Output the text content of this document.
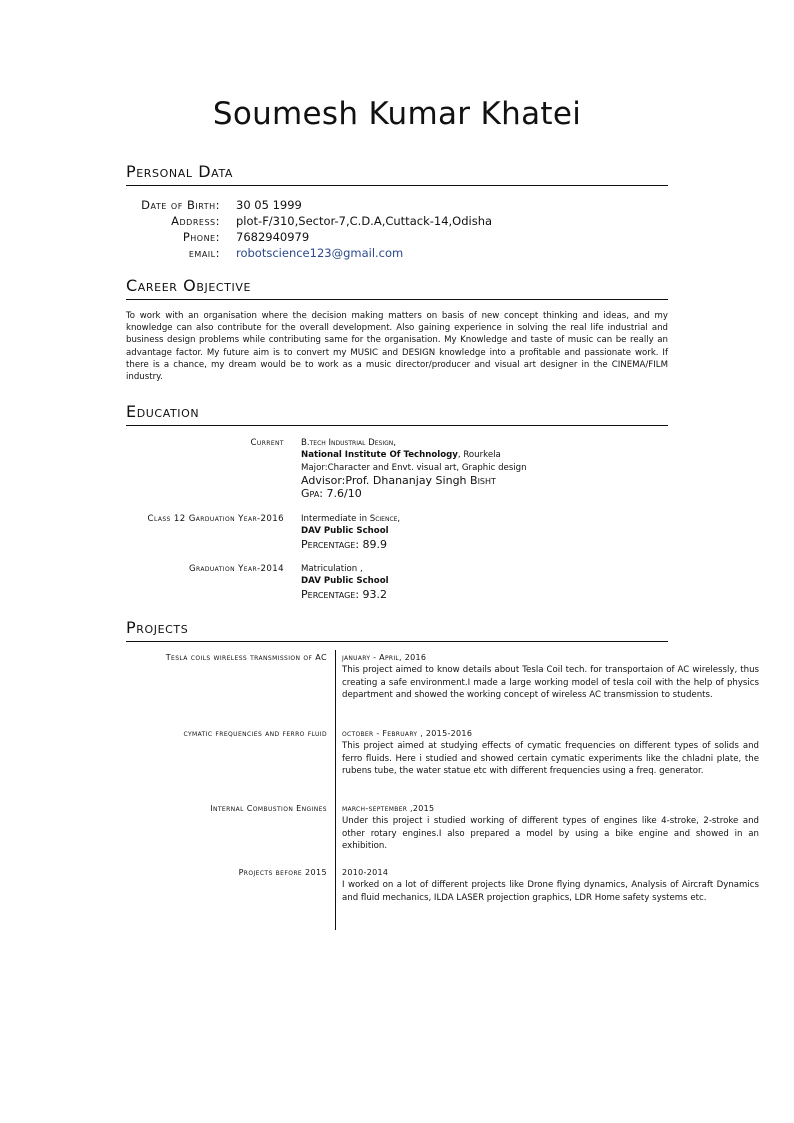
Soumesh Kumar Khatei
Personal Data
Date of Birth: 30 05 1999
Address: plot-F/310,Sector-7,C.D.A,Cuttack-14,Odisha
Phone: 7682940979
email: robotscience123@gmail.com
Career Objective
To work with an organisation where the decision making matters on basis of new concept thinking and ideas, and my knowledge can also contribute for the overall development. Also gaining experience in solving the real life industrial and business design problems while contributing same for the organisation. My Knowledge and taste of music can be really an advantage factor. My future aim is to convert my MUSIC and DESIGN knowledge into a profitable and passionate work. If there is a chance, my dream would be to work as a music director/producer and visual art designer in the CINEMA/FILM industry.
Education
Current B.tech Industrial Design,
National Institute Of Technology, Rourkela
Major:Character and Envt. visual art, Graphic design
Advisor:Prof. Dhananjay Singh Bisht
Gpa: 7.6/10
Class 12 Garduation Year-2016 Intermediate in Science,
DAV Public School
Percentage: 89.9
Graduation Year-2014 Matriculation ,
DAV Public School
Percentage: 93.2
Projects
Tesla coils wireless transmission of AC january - April, 2016
This project aimed to know details about Tesla Coil tech. for transportaion of AC wirelessly, thus creating a safe environment.I made a large working model of tesla coil with the help of physics department and showed the working concept of wireless AC transmission to students.
cymatic frequencies and ferro fluid october - February , 2015-2016
This project aimed at studying effects of cymatic frequencies on different types of solids and ferro fluids. Here i studied and showed certain cymatic experiments like the chladni plate, the rubens tube, the water statue etc with different frequencies using a freq. generator.
Internal Combustion Engines march-september ,2015
Under this project i studied working of different types of engines like 4-stroke, 2-stroke and other rotary engines.I also prepared a model by using a bike engine and showed in an exhibition.
Projects before 2015 2010-2014
I worked on a lot of different projects like Drone flying dynamics, Analysis of Aircraft Dynamics and fluid mechanics, ILDA LASER projection graphics, LDR Home safety systems etc.
